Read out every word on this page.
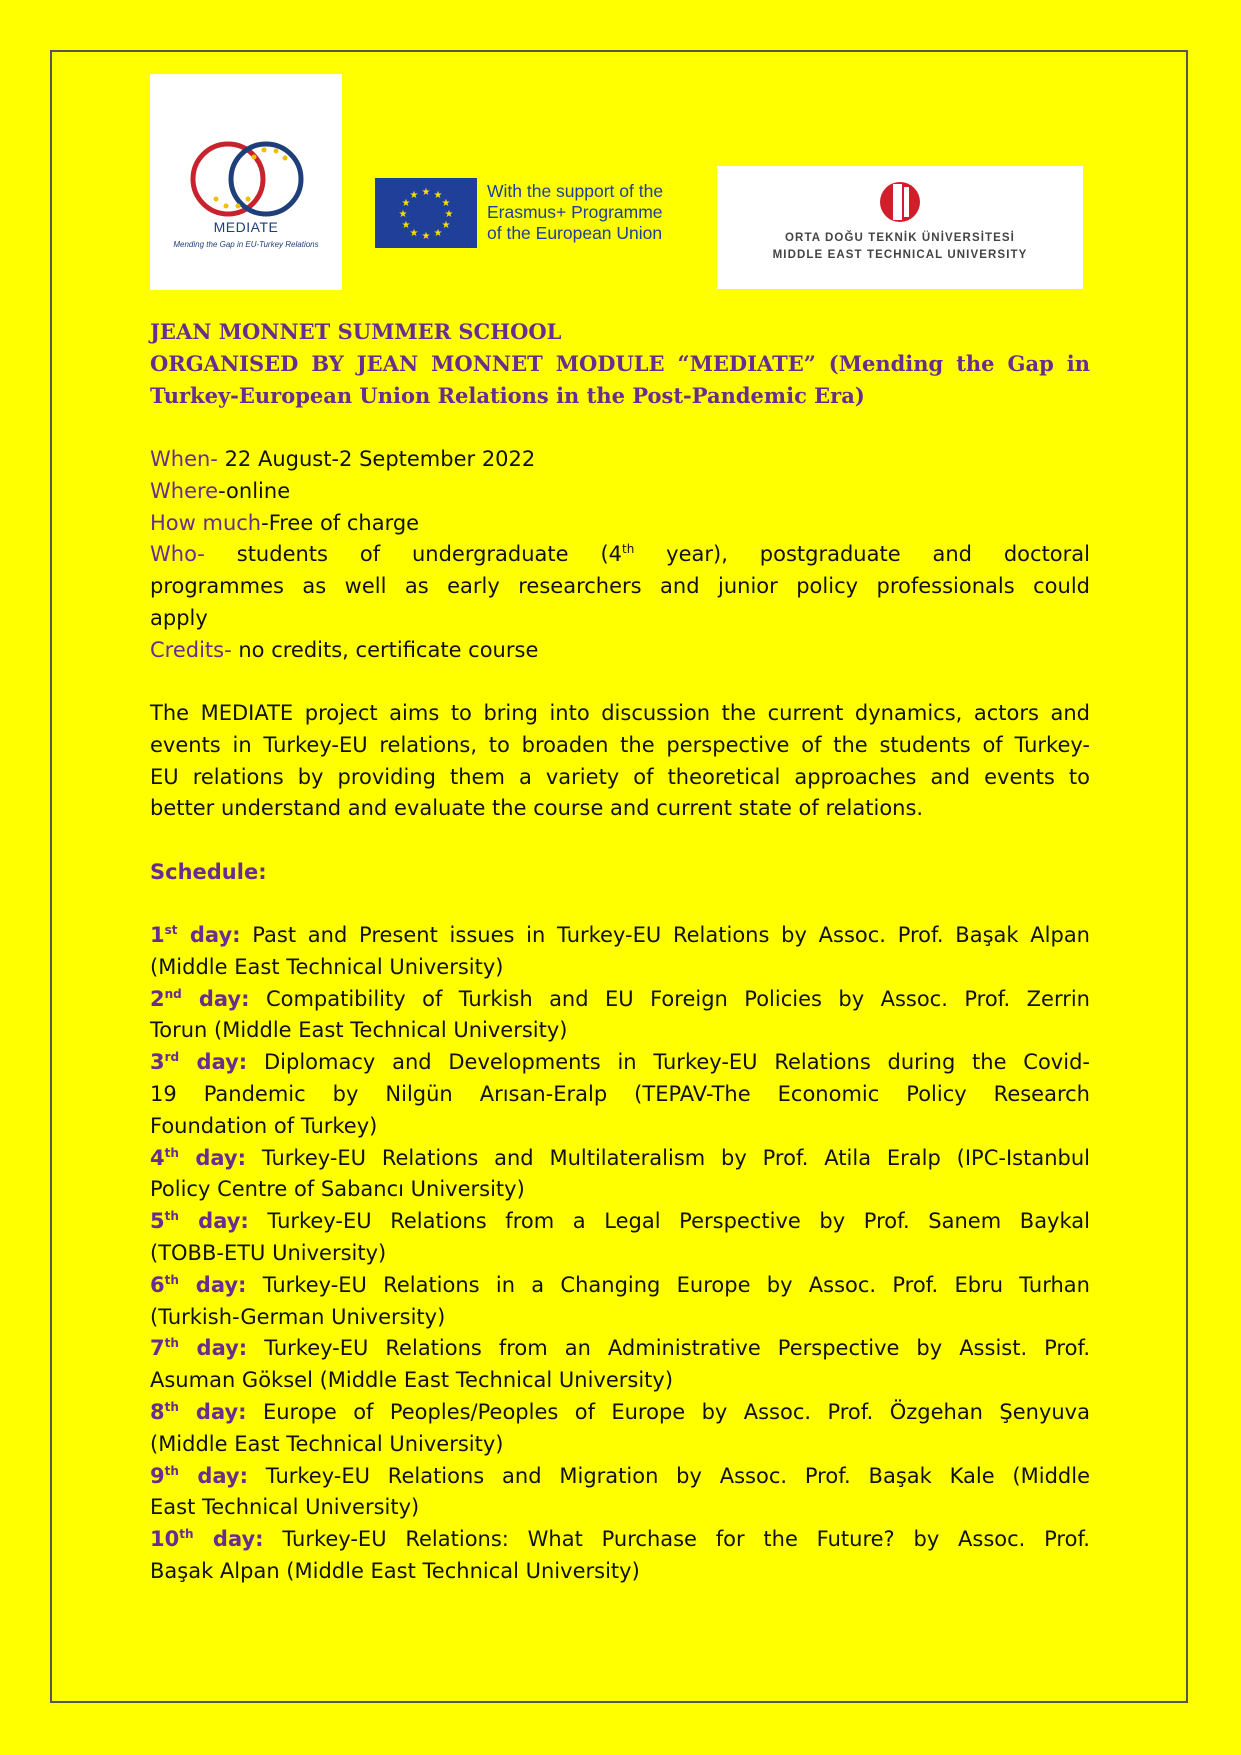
MEDIATE
Mending the Gap in EU-Turkey Relations
★ ★
★
★
★
★
★
★
★
★
★
★	With the support of the
Erasmus+ Programme
of the European Union	ORTA DOĞU TEKNİK ÜNİVERSİTESİ
MIDDLE EAST TECHNICAL UNIVERSITY
JEAN MONNET SUMMER SCHOOL
ORGANISED BY JEAN MONNET MODULE “MEDIATE” (Mending the Gap in
Turkey-European Union Relations in the Post-Pandemic Era)
When- 22 August-2 September 2022
Where-online
How much-Free of charge
Who- students of undergraduate (4th year), postgraduate and doctoral
programmes as well as early researchers and junior policy professionals could
apply
Credits- no credits, certificate course
The MEDIATE project aims to bring into discussion the current dynamics, actors and
events in Turkey-EU relations, to broaden the perspective of the students of Turkey-
EU relations by providing them a variety of theoretical approaches and events to
better understand and evaluate the course and current state of relations.
Schedule:
1st day: Past and Present issues in Turkey-EU Relations by Assoc. Prof. Başak Alpan
(Middle East Technical University)
2nd day: Compatibility of Turkish and EU Foreign Policies by Assoc. Prof. Zerrin
Torun (Middle East Technical University)
3rd day: Diplomacy and Developments in Turkey-EU Relations during the Covid-
19 Pandemic by Nilgün Arısan-Eralp (TEPAV-The Economic Policy Research
Foundation of Turkey)
4th day: Turkey-EU Relations and Multilateralism by Prof. Atila Eralp (IPC-Istanbul
Policy Centre of Sabancı University)
5th day: Turkey-EU Relations from a Legal Perspective by Prof. Sanem Baykal
(TOBB-ETU University)
6th day: Turkey-EU Relations in a Changing Europe by Assoc. Prof. Ebru Turhan
(Turkish-German University)
7th day: Turkey-EU Relations from an Administrative Perspective by Assist. Prof.
Asuman Göksel (Middle East Technical University)
8th day: Europe of Peoples/Peoples of Europe by Assoc. Prof. Özgehan Şenyuva
(Middle East Technical University)
9th day: Turkey-EU Relations and Migration by Assoc. Prof. Başak Kale (Middle
East Technical University)
10th day: Turkey-EU Relations: What Purchase for the Future? by Assoc. Prof.
Başak Alpan (Middle East Technical University)
